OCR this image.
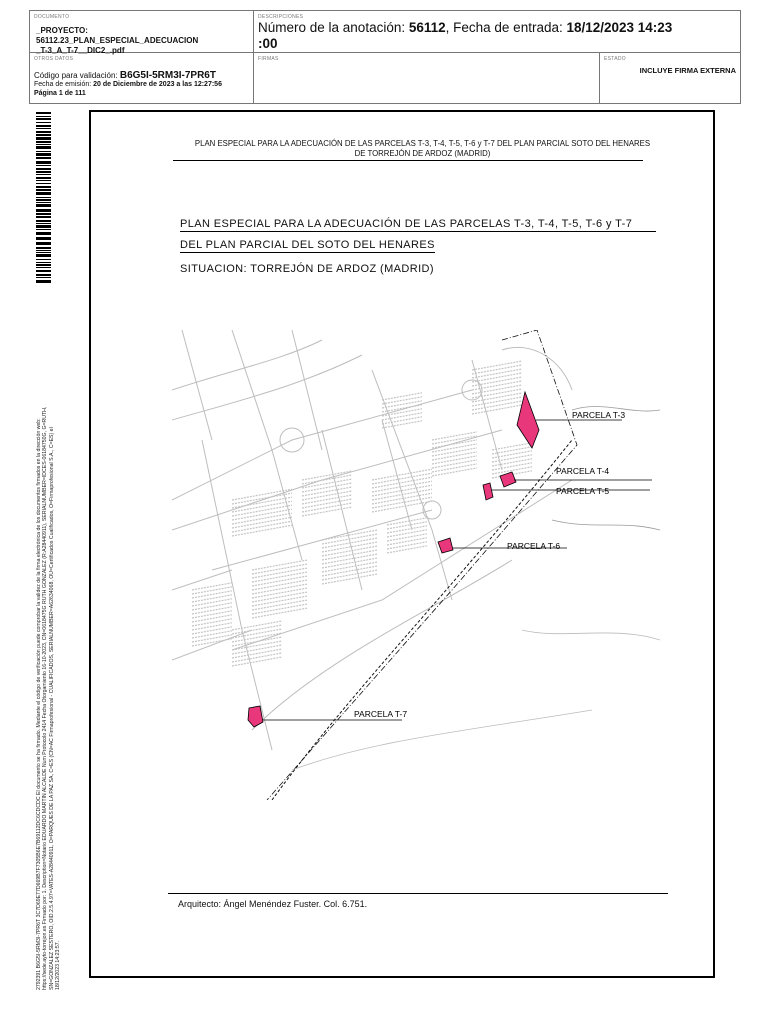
DOCUMENTO
_PROYECTO: 56112.23_PLAN_ESPECIAL_ADECUACION
_T-3_A_T-7__DIC2_.pdf
DESCRIPCIONES
Número de la anotación: 56112, Fecha de entrada: 18/12/2023 14:23
:00
OTROS DATOS
Código para validación: B6G5I-5RM3I-7PR6T
Fecha de emisión: 20 de Diciembre de 2023 a las 12:27:56
Página 1 de 111
FIRMAS	ESTADO
INCLUYE FIRMA EXTERNA
2792391 B6G5I-5RM3I-7PR6T 3C7D69E77D669B7F7305B6E7B69112DC6CDCDC El documento se ha firmado. Mediante el código de verificación puede comprobar la validez de la firma electrónica de los documentos firmados en la dirección web: https://sede.ayto-torrejon.es Firmado por: 1. Description=Notario EDUARDO MARTIN ALCALDE Num Protocolo 2414 Fecha Otorgamiento 16-10-2023, CN=0618475G RUTH GONZALEZ (R:A28440911), SERIALNUMBER=IDCES-06184750G, G=RUTH, SN=GONZALEZ SESTERO, OID.2.5.4.97=VATES-A28440911, O=PARQUES DE LA PAZ SA, C=ES (CN=AC Firmaprofesional - CUALIFICADOS, SERIALNUMBER=A62634068, OU=Certificados Cualificados, O=Firmaprofesional S.A., C=ES) el 18/12/2023 14:23:57.
PLAN ESPECIAL PARA LA ADECUACIÓN DE LAS PARCELAS T-3, T-4, T-5, T-6 y T-7 DEL PLAN PARCIAL SOTO DEL HENARES
DE TORREJÓN DE ARDOZ (MADRID)
PLAN ESPECIAL PARA LA ADECUACIÓN DE LAS PARCELAS T-3, T-4, T-5, T-6 y T-7
DEL PLAN PARCIAL DEL SOTO DEL HENARES
SITUACION: TORREJÓN DE ARDOZ (MADRID)
PARCELA T-3
PARCELA T-4
PARCELA T-5
PARCELA T-6
PARCELA T-7
Arquitecto: Ángel Menéndez Fuster. Col. 6.751.
